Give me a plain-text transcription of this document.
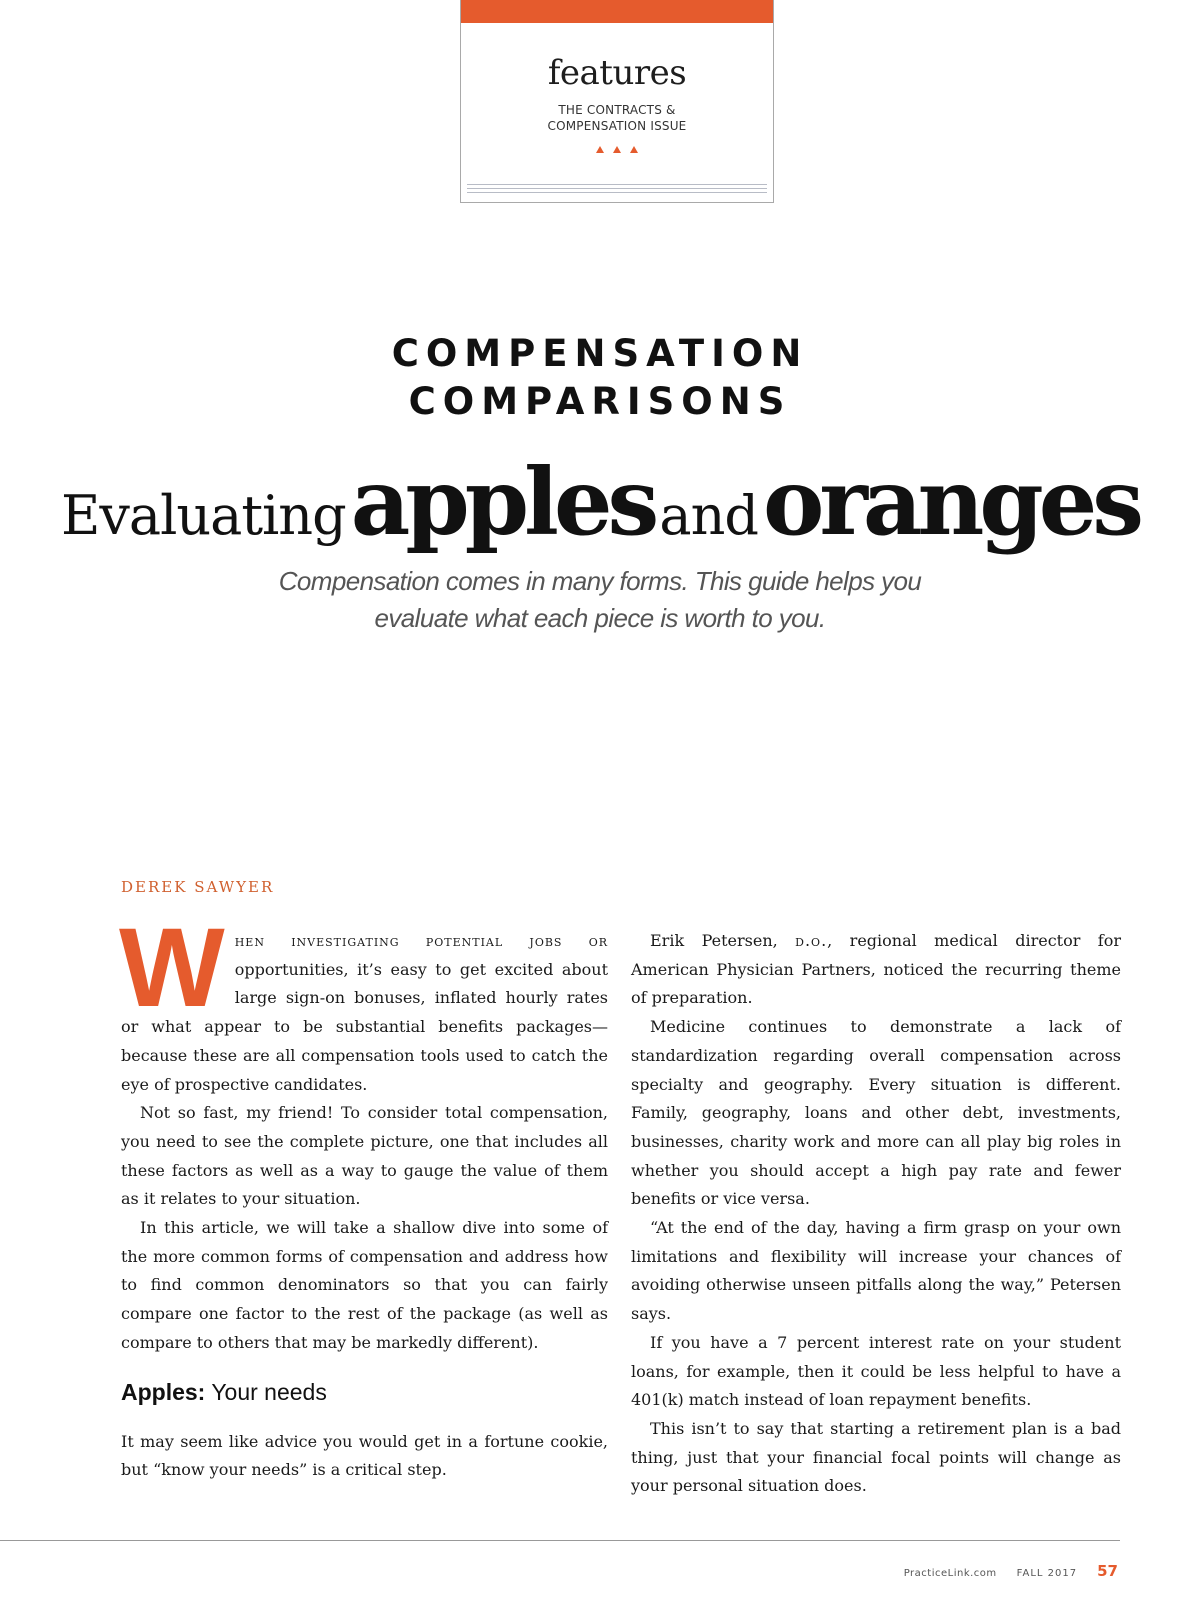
features
THE CONTRACTS &
COMPENSATION ISSUE
COMPENSATION
COMPARISONS
Evaluating apples and oranges
Compensation comes in many forms. This guide helps you
evaluate what each piece is worth to you.
DEREK SAWYER

When investigating potential jobs or opportunities, it’s easy to get excited about large sign-on bonuses, inflated hourly rates or what appear to be substantial benefits packages—because these are all compensation tools used to catch the eye of prospective candidates.

Not so fast, my friend! To consider total compensation, you need to see the complete picture, one that includes all these factors as well as a way to gauge the value of them as it relates to your situation.

In this article, we will take a shallow dive into some of the more common forms of compensation and address how to find common denominators so that you can fairly compare one factor to the rest of the package (as well as compare to others that may be markedly different).

Apples: Your needs

It may seem like advice you would get in a fortune cookie, but “know your needs” is a critical step.

Erik Petersen, d.o., regional medical director for American Physician Partners, noticed the recurring theme of preparation.

Medicine continues to demonstrate a lack of standardization regarding overall compensation across specialty and geography. Every situation is different. Family, geography, loans and other debt, investments, businesses, charity work and more can all play big roles in whether you should accept a high pay rate and fewer benefits or vice versa.

“At the end of the day, having a firm grasp on your own limitations and flexibility will increase your chances of avoiding otherwise unseen pitfalls along the way,” Petersen says.

If you have a 7 percent interest rate on your student loans, for example, then it could be less helpful to have a 401(k) match instead of loan repayment benefits.

This isn’t to say that starting a retirement plan is a bad thing, just that your financial focal points will change as your personal situation does.

PracticeLink.com FALL 2017 57
